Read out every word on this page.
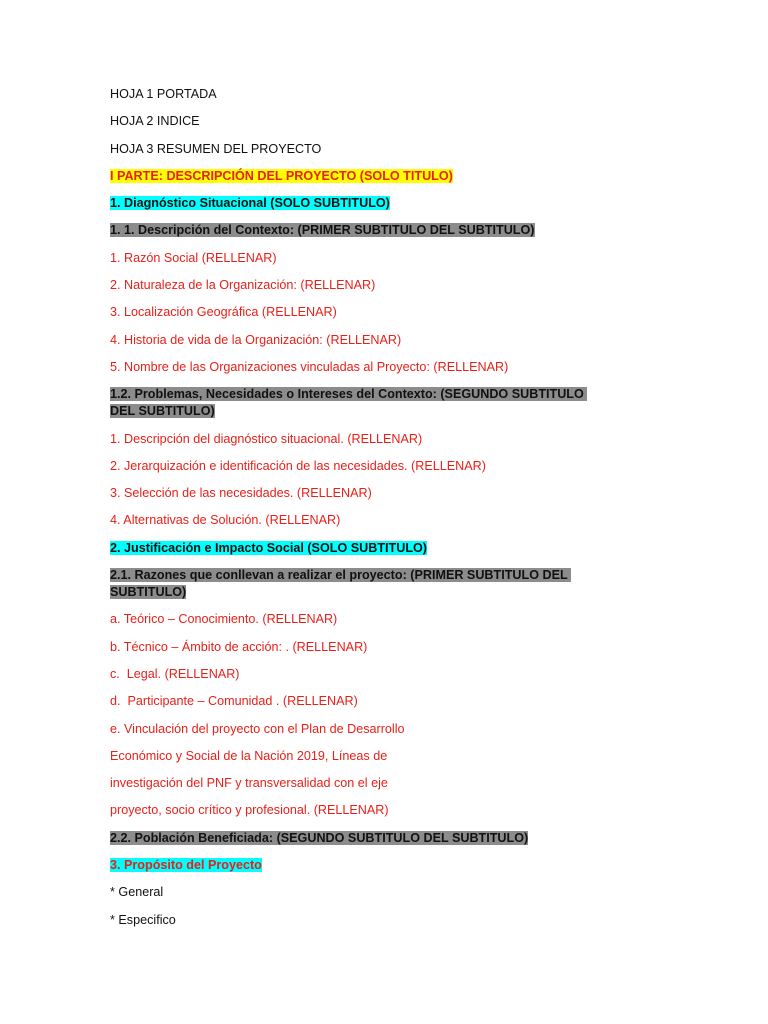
HOJA 1 PORTADA
HOJA 2 INDICE
HOJA 3 RESUMEN DEL PROYECTO
I PARTE: DESCRIPCIÓN DEL PROYECTO (SOLO TITULO)
1. Diagnóstico Situacional (SOLO SUBTITULO)
1. 1. Descripción del Contexto: (PRIMER SUBTITULO DEL SUBTITULO)
1. Razón Social (RELLENAR)
2. Naturaleza de la Organización: (RELLENAR)
3. Localización Geográfica (RELLENAR)
4. Historia de vida de la Organización: (RELLENAR)
5. Nombre de las Organizaciones vinculadas al Proyecto: (RELLENAR)
1.2. Problemas, Necesidades o Intereses del Contexto: (SEGUNDO SUBTITULO DEL SUBTITULO)
1. Descripción del diagnóstico situacional. (RELLENAR)
2. Jerarquización e identificación de las necesidades. (RELLENAR)
3. Selección de las necesidades. (RELLENAR)
4. Alternativas de Solución. (RELLENAR)
2. Justificación e Impacto Social (SOLO SUBTITULO)
2.1. Razones que conllevan a realizar el proyecto: (PRIMER SUBTITULO DEL SUBTITULO)
a. Teórico – Conocimiento. (RELLENAR)
b. Técnico – Ámbito de acción: . (RELLENAR)
c.  Legal. (RELLENAR)
d.  Participante – Comunidad . (RELLENAR)
e. Vinculación del proyecto con el Plan de Desarrollo
Económico y Social de la Nación 2019, Líneas de
investigación del PNF y transversalidad con el eje
proyecto, socio crítico y profesional. (RELLENAR)
2.2. Población Beneficiada: (SEGUNDO SUBTITULO DEL SUBTITULO)
3. Propósito del Proyecto
* General
* Especifico
